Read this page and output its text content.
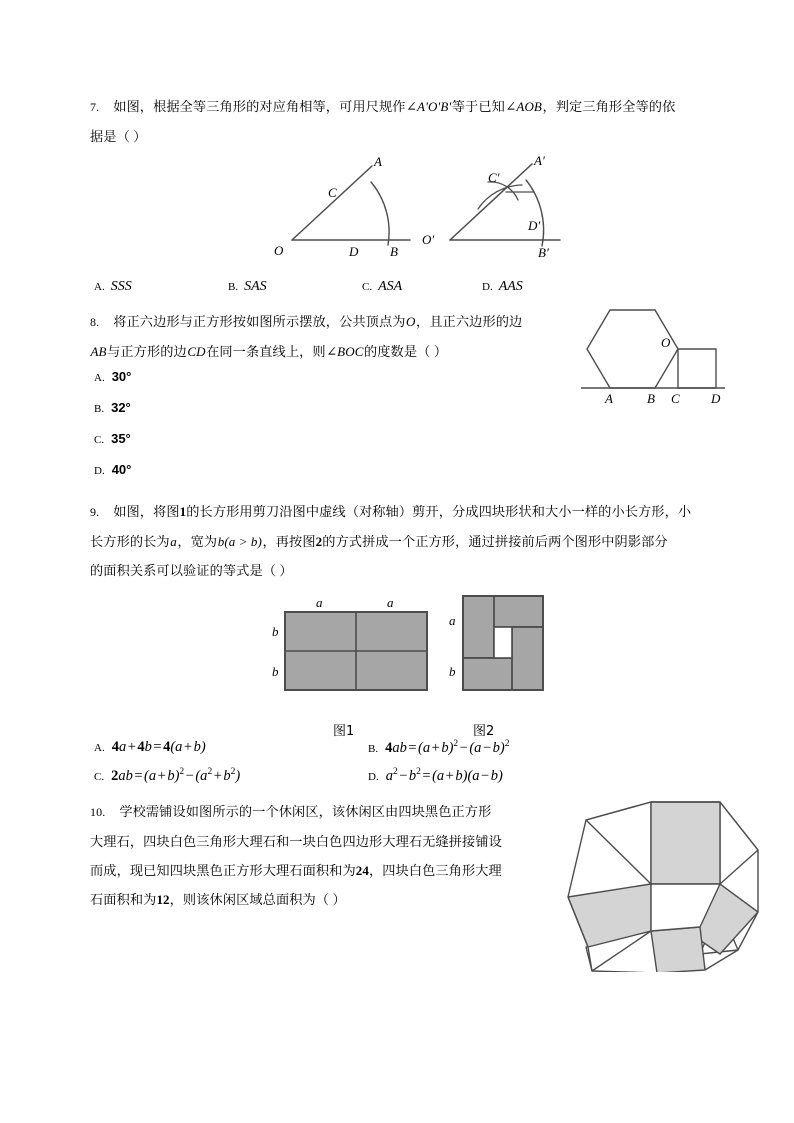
7. 如图，根据全等三角形的对应角相等，可用尺规作∠A'O'B'等于已知∠AOB，判定三角形全等的依
据是（ ）
A
C
O	D B
A′
C′
O′
D′
B′
A. SSS	B. SAS	C. ASA	D. AAS
8. 将正六边形与正方形按如图所示摆放，公共顶点为O，且正六边形的边
AB与正方形的边CD在同一条直线上，则∠BOC的度数是（ ）
A	B C D
O
A. 30°
B. 32°
C. 35°
D. 40°
9. 如图，将图1的长方形用剪刀沿图中虚线（对称轴）剪开，分成四块形状和大小一样的小长方形，小
长方形的长为a，宽为b(a > b)，再按图2的方式拼成一个正方形，通过拼接前后两个图形中阴影部分
的面积关系可以验证的等式是（ ）
a	a
b
b
a
b
图1	图2
A. 4a + 4b = 4(a + b)	B. $4ab = (a + b)^2 - (a - b)^2$
C. $2ab = (a + b)^2 - (a^2 + b^2)$	D. $a^2 - b^2 = (a + b)(a - b)$
10. 学校需铺设如图所示的一个休闲区，该休闲区由四块黑色正方形
大理石，四块白色三角形大理石和一块白色四边形大理石无缝拼接铺设
而成，现已知四块黑色正方形大理石面积和为24，四块白色三角形大理
石面积和为12，则该休闲区域总面积为（ ）
